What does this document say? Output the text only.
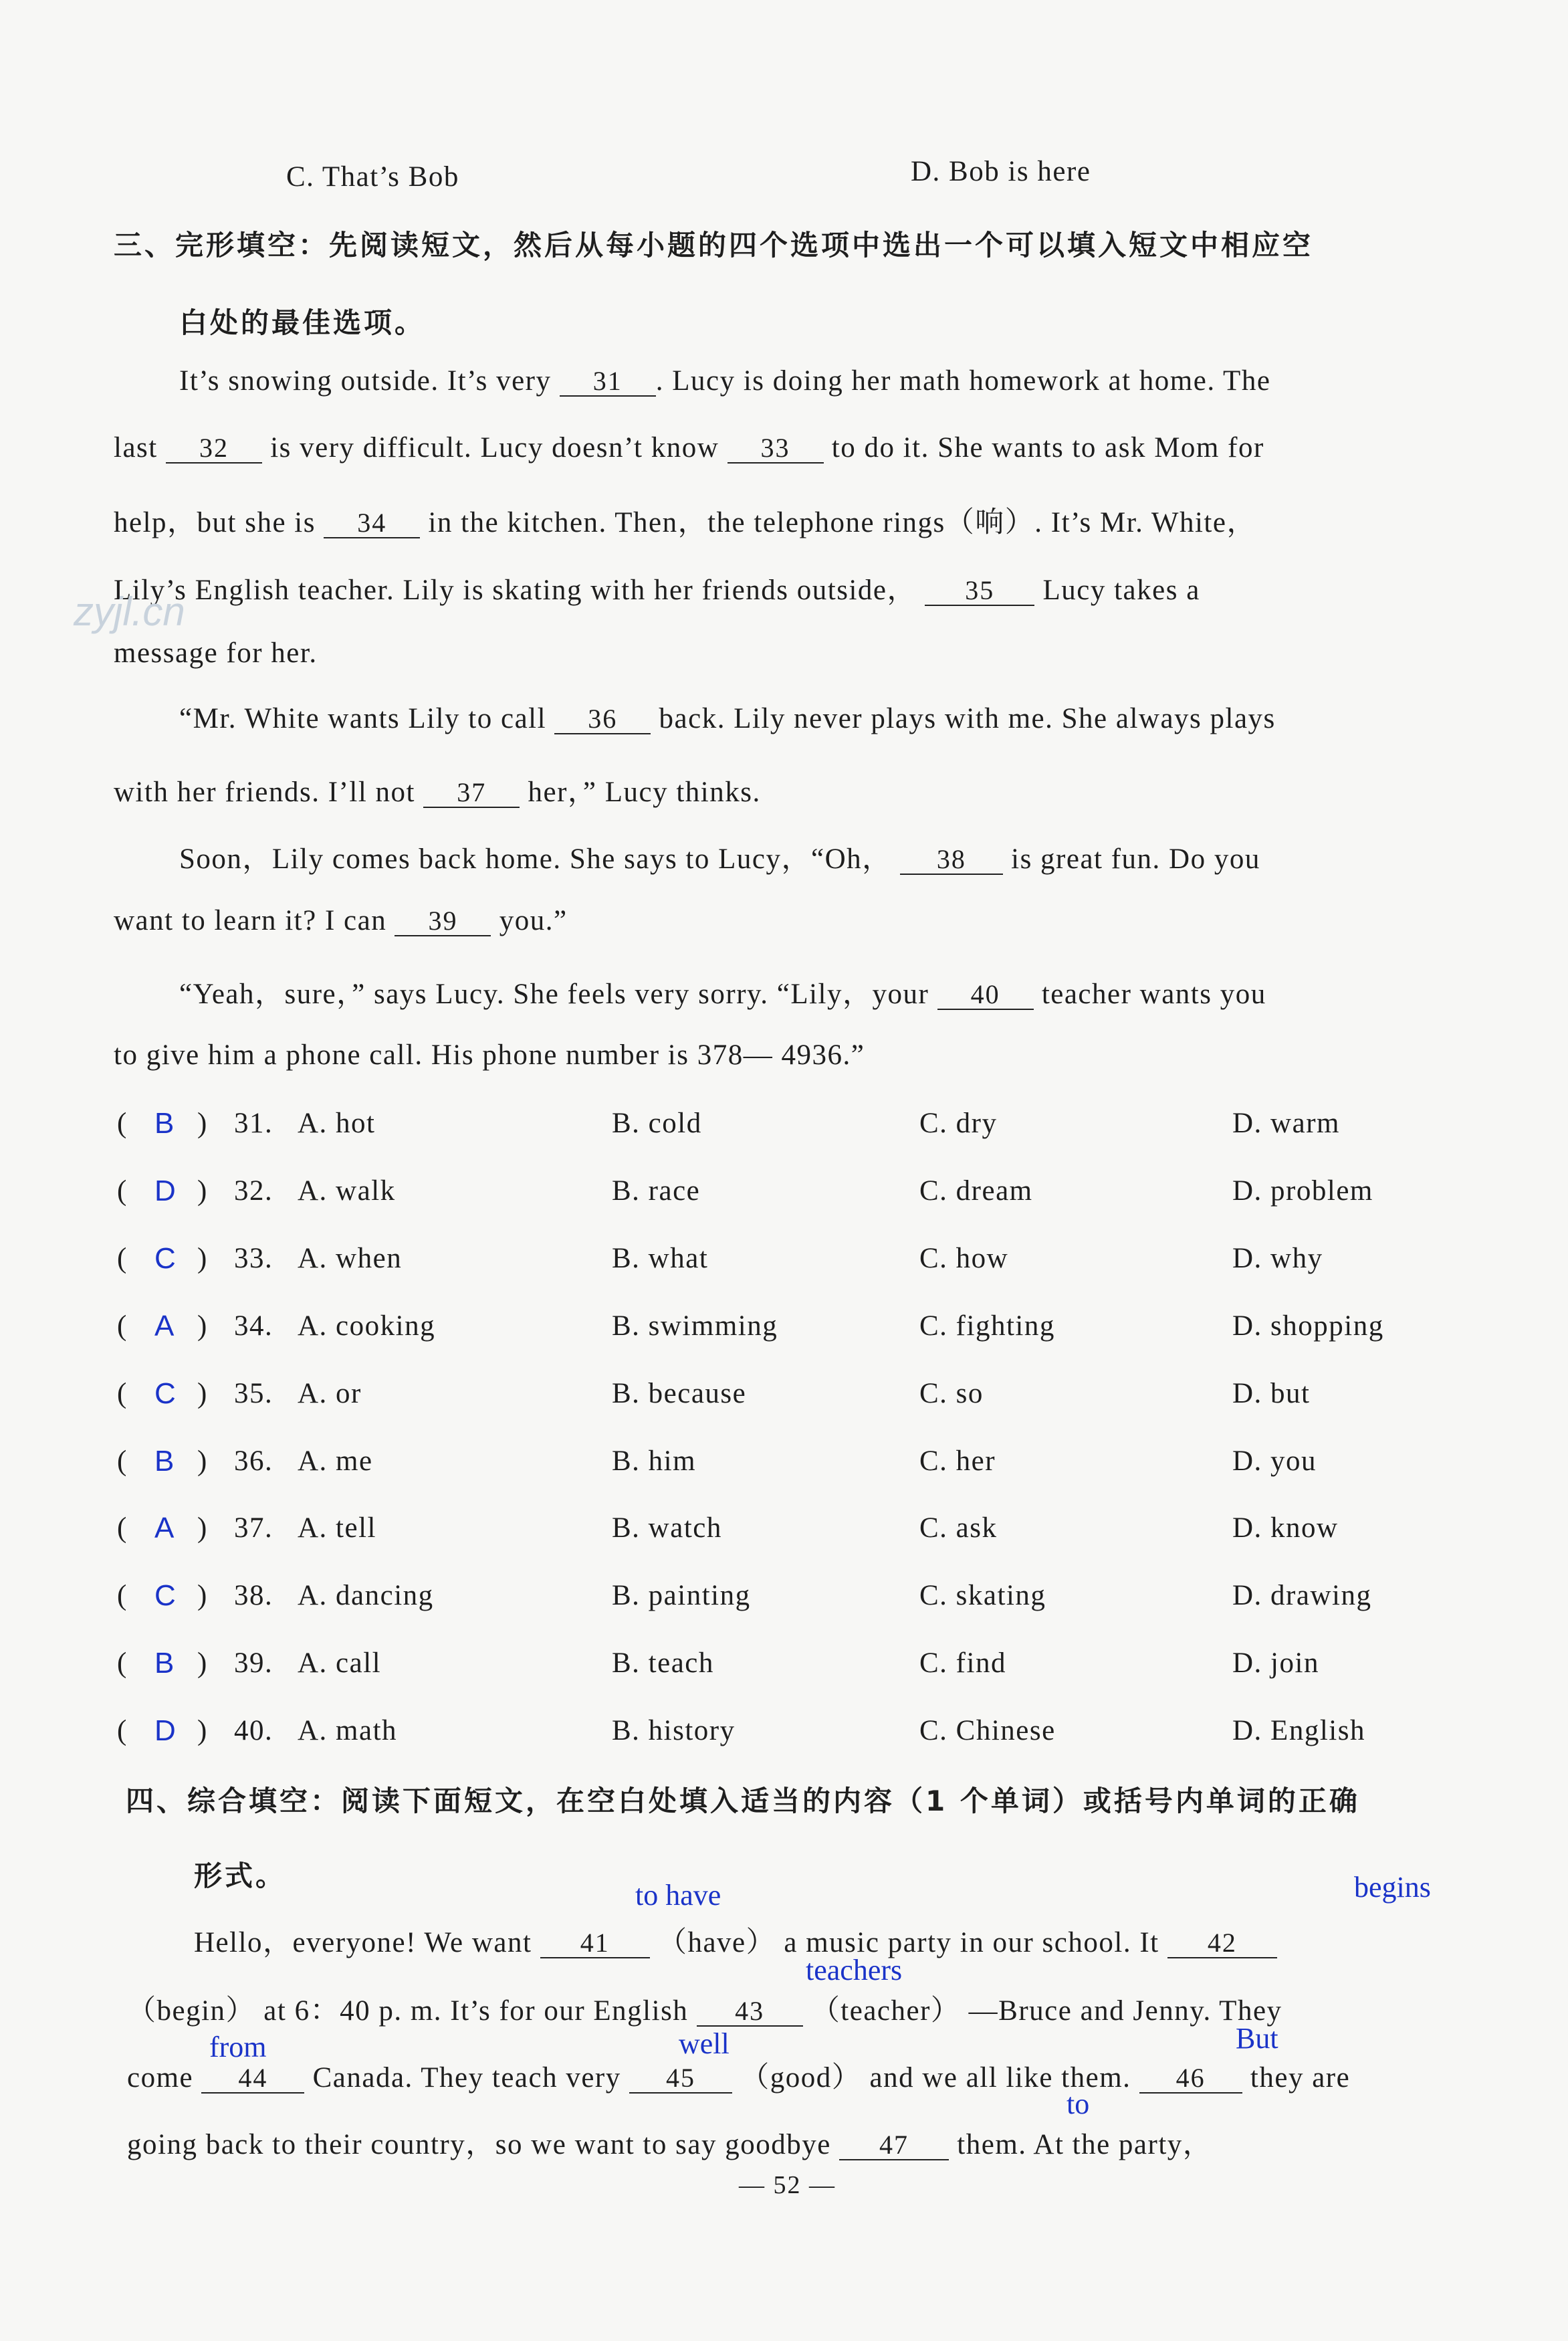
C. That’s Bob	D. Bob is here
三、完形填空：先阅读短文，然后从每小题的四个选项中选出一个可以填入短文中相应空
白处的最佳选项。
It’s snowing outside. It’s very 31 . Lucy is doing her math homework at home. The
last 32 is very difficult. Lucy doesn’t know 33 to do it. She wants to ask Mom for
help，but she is 34 in the kitchen. Then，the telephone rings（响）. It’s Mr. White，
Lily’s English teacher. Lily is skating with her friends outside， 35 Lucy takes a
message for her.
zyjl.cn
“Mr. White wants Lily to call 36 back. Lily never plays with me. She always plays
with her friends. I’ll not 37 her，” Lucy thinks.
Soon，Lily comes back home. She says to Lucy，“Oh， 38 is great fun. Do you
want to learn it? I can 39 you.”
“Yeah，sure，” says Lucy. She feels very sorry. “Lily，your 40 teacher wants you
to give him a phone call. His phone number is 378— 4936.”
( B ) 31. A. hot	B. cold	C. dry	D. warm
( D ) 32. A. walk	B. race	C. dream	D. problem
( C ) 33. A. when	B. what	C. how	D. why
( A ) 34. A. cooking	B. swimming	C. fighting	D. shopping
( C ) 35. A. or	B. because	C. so	D. but
( B ) 36. A. me	B. him	C. her	D. you
( A ) 37. A. tell	B. watch	C. ask	D. know
( C ) 38. A. dancing	B. painting	C. skating	D. drawing
( B ) 39. A. call	B. teach	C. find	D. join
( D ) 40. A. math	B. history	C. Chinese	D. English
四、综合填空：阅读下面短文，在空白处填入适当的内容（1 个单词）或括号内单词的正确
形式。
Hello，everyone! We want 41 （have） a music party in our school. It 42
（begin） at 6：40 p. m. It’s for our English 43 （teacher） —Bruce and Jenny. They
come 44 Canada. They teach very 45 （good） and we all like them. 46 they are
going back to their country，so we want to say goodbye 47 them. At the party，
to have	begins
teachers
from	well	But
to
— 52 —
